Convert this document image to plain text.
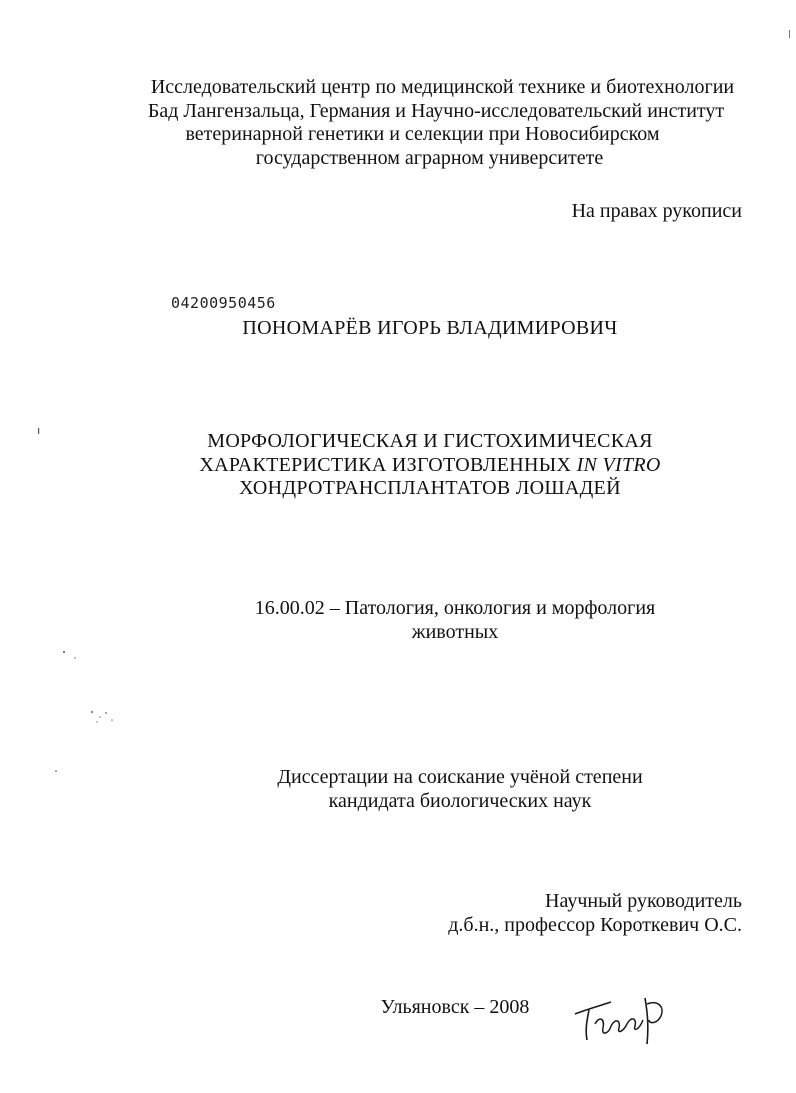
Исследовательский центр по медицинской технике и биотехнологии
Бад Лангензальца, Германия и Научно-исследовательский институт
ветеринарной генетики и селекции при Новосибирском
государственном аграрном университете
На правах рукописи
04200950456
ПОНОМАРЁВ ИГОРЬ ВЛАДИМИРОВИЧ
МОРФОЛОГИЧЕСКАЯ И ГИСТОХИМИЧЕСКАЯ
ХАРАКТЕРИСТИКА ИЗГОТОВЛЕННЫХ IN VITRO
ХОНДРОТРАНСПЛАНТАТОВ ЛОШАДЕЙ
16.00.02 – Патология, онкология и морфология животных
Диссертации на соискание учёной степени
кандидата биологических наук
Научный руководитель
д.б.н., профессор Короткевич О.С.
Ульяновск – 2008
